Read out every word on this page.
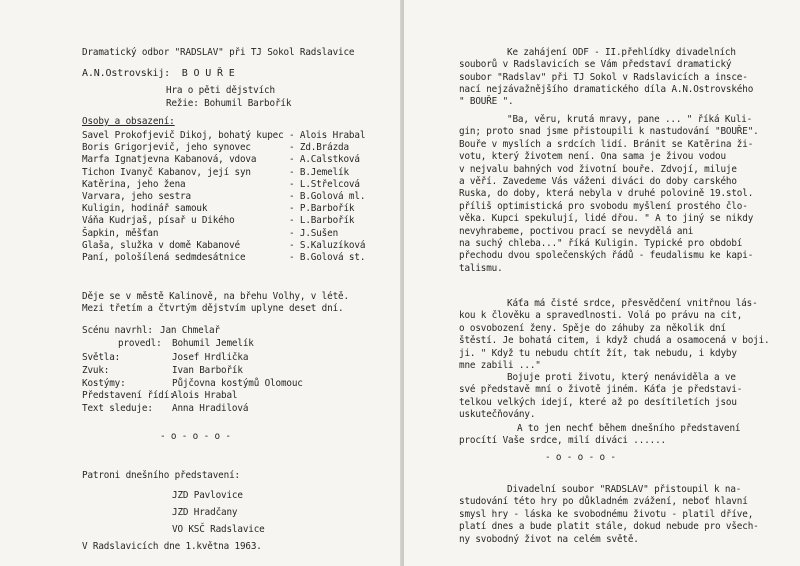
Dramatický odbor "RADSLAV" při TJ Sokol Radslavice
A.N.Ostrovskij:  B O U Ř E
Hra o pěti dějstvích
Režie: Bohumil Barbořík
Osoby a obsazení:
Savel Prokofjevič Dikoj, bohatý kupec - Alois Hrabal
Boris Grigorjevič, jeho synovec	- Zd.Brázda
Marfa Ignatjevna Kabanová, vdova	- A.Calstková
Tichon Ivanyč Kabanov, její syn	- B.Jemelík
Katěrina, jeho žena	- L.Střelcová
Varvara, jeho sestra	- B.Golová ml.
Kuligin, hodinář samouk	- P.Barbořík
Váňa Kudrjaš, písař u Dikého	- L.Barbořík
Šapkin, měšťan	- J.Sušen
Glaša, služka v domě Kabanové	- S.Kaluzíková
Paní, pološílená sedmdesátnice	- B.Golová st.
Děje se v městě Kalinově, na břehu Volhy, v létě.
Mezi třetím a čtvrtým dějstvím uplyne deset dní.
Scénu navrhl: Jan Chmelař
provedl: Bohumil Jemelík
Světla:	Josef Hrdlička
Zvuk:	Ivan Barbořík
Kostýmy:	Půjčovna kostýmů Olomouc
Představení řídí:
Alois Hrabal
Text sleduje: Anna Hradilová
- o - o - o -
Patroni dnešního představení:
JZD Pavlovice
JZD Hradčany
VO KSČ Radslavice
V Radslavicích dne 1.května 1963.
Ke zahájení ODF - II.přehlídky divadelních
souborů v Radslavicích se Vám představí dramatický
soubor "Radslav" při TJ Sokol v Radslavicích a insce-
nací nejzávažnějšího dramatického díla A.N.Ostrovského
" BOUŘE ".
"Ba, věru, krutá mravy, pane ... " říká Kuli-
gin; proto snad jsme přistoupili k nastudování "BOUŘE".
Bouře v myslích a srdcích lidí. Bránit se Katěrina ži-
votu, který životem není. Ona sama je živou vodou
v nejvalu bahných vod životní bouře. Zdvojí, miluje
a věří. Zavedeme Vás váženi diváci do doby carského
Ruska, do doby, která nebyla v druhé polovině 19.stol.
příliš optimistická pro svobodu myšlení prostého člo-
věka. Kupci spekulují, lidé dřou. " A to jiný se nikdy
nevyhrabeme, poctivou prací se nevydělá ani
na suchý chleba..." říká Kuligin. Typické pro období
přechodu dvou společenských řádů - feudalismu ke kapi-
talismu.
Káťa má čisté srdce, přesvědčení vnitřnou lás-
kou k člověku a spravedlnosti. Volá po právu na cit,
o osvobození ženy. Spěje do záhuby za několik dní
štěstí. Je bohatá citem, i když chudá a osamocená v boji.
ji. " Když tu nebudu chtít žít, tak nebudu, i kdyby
mne zabili ..."
Bojuje proti životu, který nenáviděla a ve
své představě mní o životě jiném. Káťa je představi-
telkou velkých idejí, které až po desítiletích jsou
uskutečňovány.
A to jen nechť během dnešního představení
procítí Vaše srdce, milí diváci ......
- o - o - o -
Divadelní soubor "RADSLAV" přistoupil k na-
studování této hry po důkladném zvážení, neboť hlavní
smysl hry - láska ke svobodnému životu - platil dříve,
platí dnes a bude platit stále, dokud nebude pro všech-
ny svobodný život na celém světě.
